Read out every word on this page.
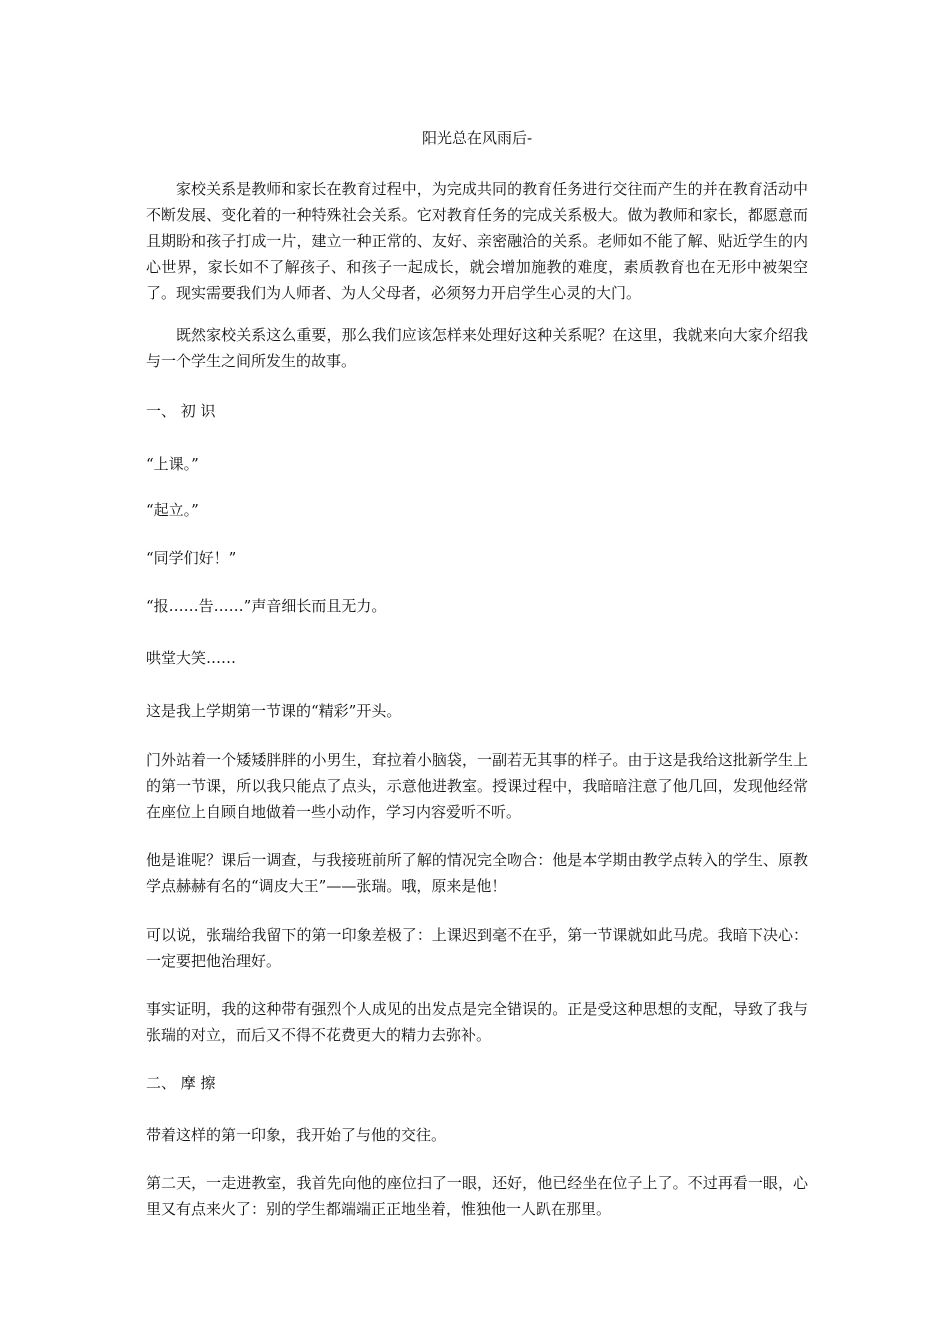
阳光总在风雨后-

家校关系是教师和家长在教育过程中，为完成共同的教育任务进行交往而产生的并在教育活动中不断发展、变化着的一种特殊社会关系。它对教育任务的完成关系极大。做为教师和家长，都愿意而且期盼和孩子打成一片，建立一种正常的、友好、亲密融洽的关系。老师如不能了解、贴近学生的内心世界，家长如不了解孩子、和孩子一起成长，就会增加施教的难度，素质教育也在无形中被架空了。现实需要我们为人师者、为人父母者，必须努力开启学生心灵的大门。

既然家校关系这么重要，那么我们应该怎样来处理好这种关系呢？在这里，我就来向大家介绍我与一个学生之间所发生的故事。

一、 初 识

“上课。”

“起立。”

“同学们好！”

“报……告……”声音细长而且无力。

哄堂大笑……

这是我上学期第一节课的“精彩”开头。

门外站着一个矮矮胖胖的小男生，耷拉着小脑袋，一副若无其事的样子。由于这是我给这批新学生上的第一节课，所以我只能点了点头，示意他进教室。授课过程中，我暗暗注意了他几回，发现他经常在座位上自顾自地做着一些小动作，学习内容爱听不听。

他是谁呢？课后一调查，与我接班前所了解的情况完全吻合：他是本学期由教学点转入的学生、原教学点赫赫有名的“调皮大王”——张瑞。哦，原来是他！

可以说，张瑞给我留下的第一印象差极了：上课迟到毫不在乎，第一节课就如此马虎。我暗下决心：一定要把他治理好。

事实证明，我的这种带有强烈个人成见的出发点是完全错误的。正是受这种思想的支配，导致了我与张瑞的对立，而后又不得不花费更大的精力去弥补。

二、 摩 擦

带着这样的第一印象，我开始了与他的交往。

第二天，一走进教室，我首先向他的座位扫了一眼，还好，他已经坐在位子上了。不过再看一眼，心里又有点来火了：别的学生都端端正正地坐着，惟独他一人趴在那里。
